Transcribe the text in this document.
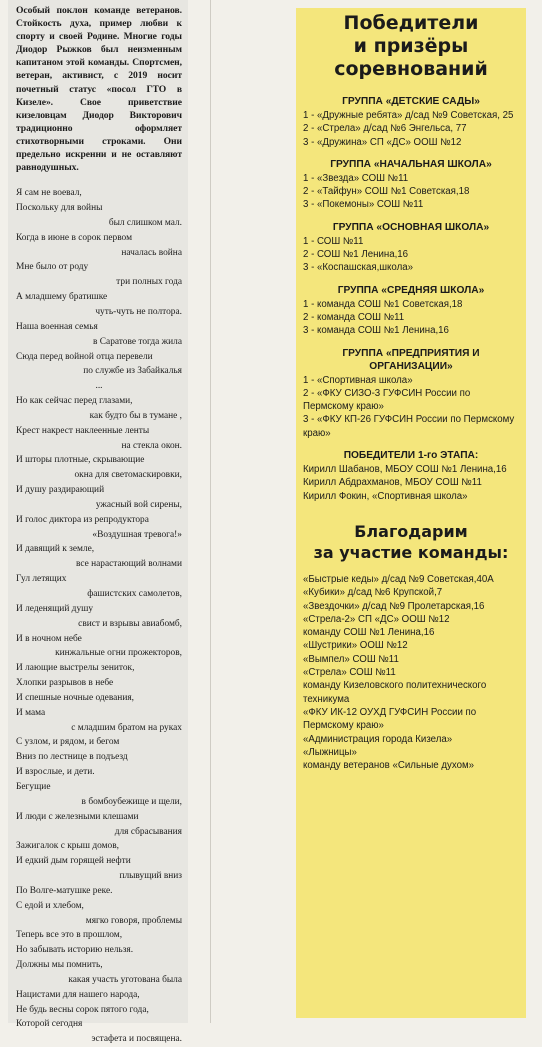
Особый поклон команде ветеранов. Стойкость духа, пример любви к спорту и своей Родине. Многие годы Диодор Рыжков был неизменным капитаном этой команды. Спортсмен, ветеран, активист, с 2019 носит почетный статус «посол ГТО в Кизеле». Свое приветствие кизеловцам Диодор Викторович традиционно оформляет стихотворными строками. Они предельно искренни и не оставляют равнодушных.

Я сам не воевал,
Поскольку для войны
был слишком мал.
Когда в июне в сорок первом
началась война
Мне было от роду
три полных года
А младшему братишке
чуть-чуть не полтора.
Наша военная семья
в Саратове тогда жила
Сюда перед войной отца перевели
по службе из Забайкалья
...
Но как сейчас перед глазами,
как будто бы в тумане ,
Крест накрест наклеенные ленты
на стекла окон.
И шторы плотные, скрывающие
окна для светомаскировки,
И душу раздирающий
ужасный вой сирены,
И голос диктора из репродуктора
«Воздушная тревога!»
И давящий к земле,
все нарастающий волнами
Гул летящих
фашистских самолетов,
И леденящий душу
свист и взрывы авиабомб,
И в ночном небе
кинжальные огни прожекторов,
И лающие выстрелы зениток,
Хлопки разрывов в небе
И спешные ночные одевания,
И мама
с младшим братом на руках
С узлом, и рядом, и бегом
Вниз по лестнице в подъезд
И взрослые, и дети.
Бегущие
в бомбоубежище и щели,
И люди с железными клешами
для сбрасывания
Зажигалок с крыш домов,
И едкий дым горящей нефти
плывущий вниз
По Волге-матушке реке.
С едой и хлебом,
мягко говоря, проблемы
Теперь все это в прошлом,
Но забывать историю нельзя.
Должны мы помнить,
какая участь уготована была
Нацистами для нашего народа,
Не будь весны сорок пятого года,
Которой сегодня
эстафета и посвящена.
Победители
и призёры
соревнований
ГРУППА «ДЕТСКИЕ САДЫ»
1 - «Дружные ребята» д/сад №9 Советская, 25
2 - «Стрела» д/сад №6 Энгельса, 77
3 - «Дружина» СП «ДС» ООШ №12
ГРУППА «НАЧАЛЬНАЯ ШКОЛА»
1 - «Звезда» СОШ №11
2 - «Тайфун» СОШ №1 Советская,18
3 - «Покемоны» СОШ №11
ГРУППА «ОСНОВНАЯ ШКОЛА»
1 - СОШ №11
2 - СОШ №1 Ленина,16
3 - «Коспашская,школа»
ГРУППА «СРЕДНЯЯ ШКОЛА»
1 - команда СОШ №1 Советская,18
2 - команда СОШ №11
3 - команда СОШ №1 Ленина,16
ГРУППА «ПРЕДПРИЯТИЯ И ОРГАНИЗАЦИИ»
1 - «Спортивная школа»
2 - «ФКУ СИЗО-3 ГУФСИН России по Пермскому краю»
3 - «ФКУ КП-26 ГУФСИН России по Пермскому краю»
ПОБЕДИТЕЛИ 1-го ЭТАПА:
Кирилл Шабанов, МБОУ СОШ №1 Ленина,16
Кирилл Абдрахманов, МБОУ СОШ №11
Кирилл Фокин, «Спортивная школа»
Благодарим
за участие команды:
«Быстрые кеды» д/сад №9 Советская,40А
«Кубики» д/сад №6 Крупской,7
«Звездочки» д/сад №9 Пролетарская,16
«Стрела-2» СП «ДС» ООШ №12
команду СОШ №1 Ленина,16
«Шустрики» ООШ №12
«Вымпел» СОШ №11
«Стрела» СОШ №11
команду Кизеловского политехнического техникума
«ФКУ ИК-12 ОУХД ГУФСИН России по Пермскому краю»
«Администрация города Кизела»
«Лыжницы»
команду ветеранов «Сильные духом»
